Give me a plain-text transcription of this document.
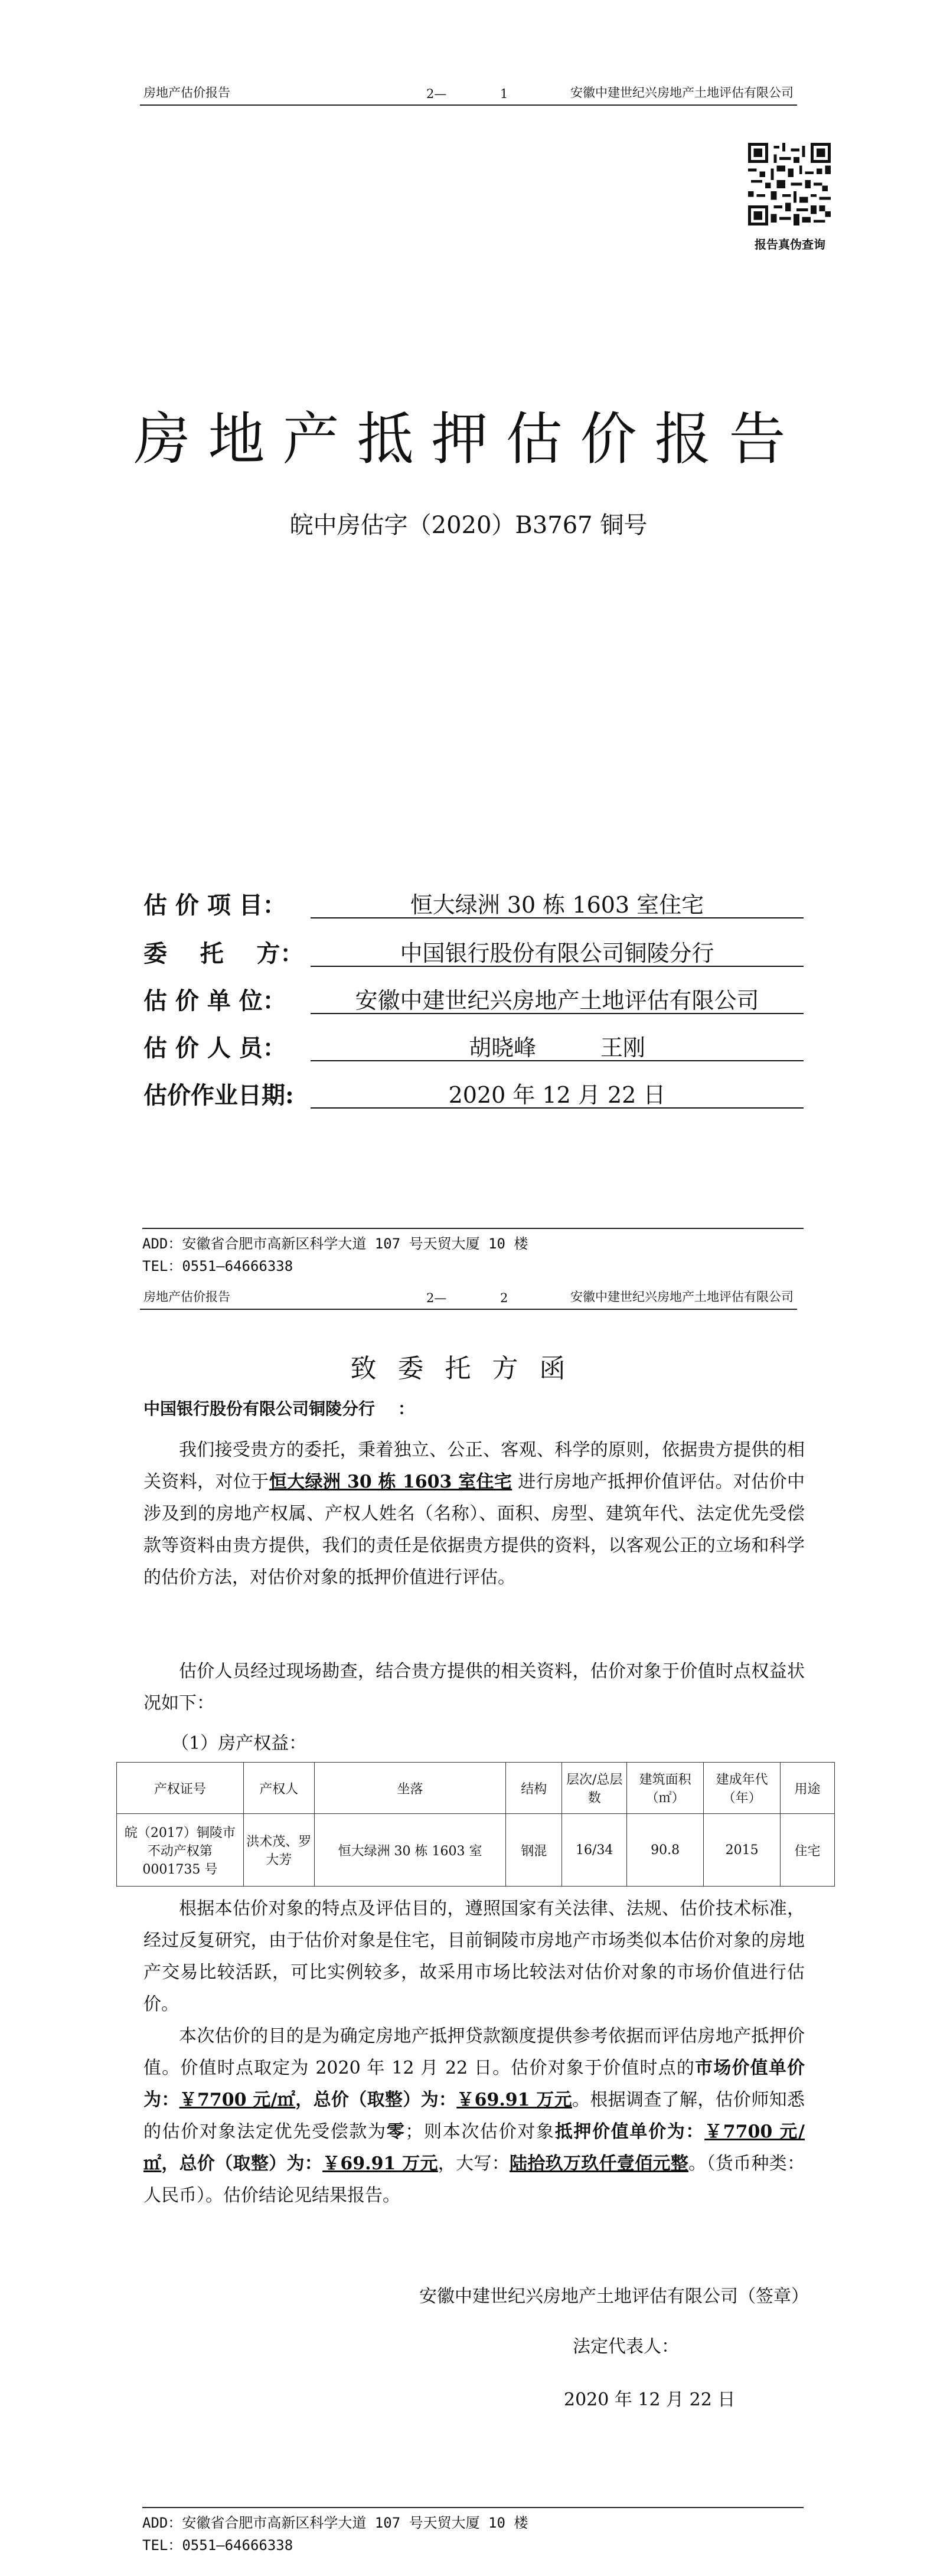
房地产估价报告	2—	1	安徽中建世纪兴房地产土地评估有限公司
报告真伪查询
房地产抵押估价报告
皖中房估字（2020）B3767 铜号
估 价 项 目：	恒大绿洲 30 栋 1603 室住宅
委    托    方：	中国银行股份有限公司铜陵分行
估 价 单 位：	安徽中建世纪兴房地产土地评估有限公司
估 价 人 员：	胡晓峰         王刚
估价作业日期:	2020 年 12 月 22 日
ADD：安徽省合肥市高新区科学大道 107 号天贸大厦 10 楼
TEL：0551—64666338
房地产估价报告	2—	2	安徽中建世纪兴房地产土地评估有限公司
致委托方函
中国银行股份有限公司铜陵分行    ：
我们接受贵方的委托，秉着独立、公正、客观、科学的原则，依据贵方提供的相关资料，对位于恒大绿洲 30 栋 1603 室住宅 进行房地产抵押价值评估。对估价中涉及到的房地产权属、产权人姓名（名称）、面积、房型、建筑年代、法定优先受偿款等资料由贵方提供，我们的责任是依据贵方提供的资料，以客观公正的立场和科学的估价方法，对估价对象的抵押价值进行评估。
估价人员经过现场勘查，结合贵方提供的相关资料，估价对象于价值时点权益状况如下：
（1）房产权益：
产权证号	产权人	坐落	结构	层次/总层数	建筑面积（㎡）	建成年代（年）	用途
皖（2017）铜陵市不动产权第0001735 号	洪术茂、罗大芳	恒大绿洲 30 栋 1603 室	钢混	16/34	90.8	2015	住宅
根据本估价对象的特点及评估目的，遵照国家有关法律、法规、估价技术标准，经过反复研究，由于估价对象是住宅，目前铜陵市房地产市场类似本估价对象的房地产交易比较活跃，可比实例较多，故采用市场比较法对估价对象的市场价值进行估价。
本次估价的目的是为确定房地产抵押贷款额度提供参考依据而评估房地产抵押价值。价值时点取定为 2020 年 12 月 22 日。估价对象于价值时点的市场价值单价为：￥7700 元/㎡，总价（取整）为：￥69.91 万元。根据调查了解，估价师知悉的估价对象法定优先受偿款为零；则本次估价对象抵押价值单价为：￥7700 元/㎡，总价（取整）为：￥69.91 万元，大写：陆拾玖万玖仟壹佰元整。（货币种类：人民币）。估价结论见结果报告。
安徽中建世纪兴房地产土地评估有限公司（签章）
法定代表人：
2020 年 12 月 22 日
ADD：安徽省合肥市高新区科学大道 107 号天贸大厦 10 楼
TEL：0551—64666338
